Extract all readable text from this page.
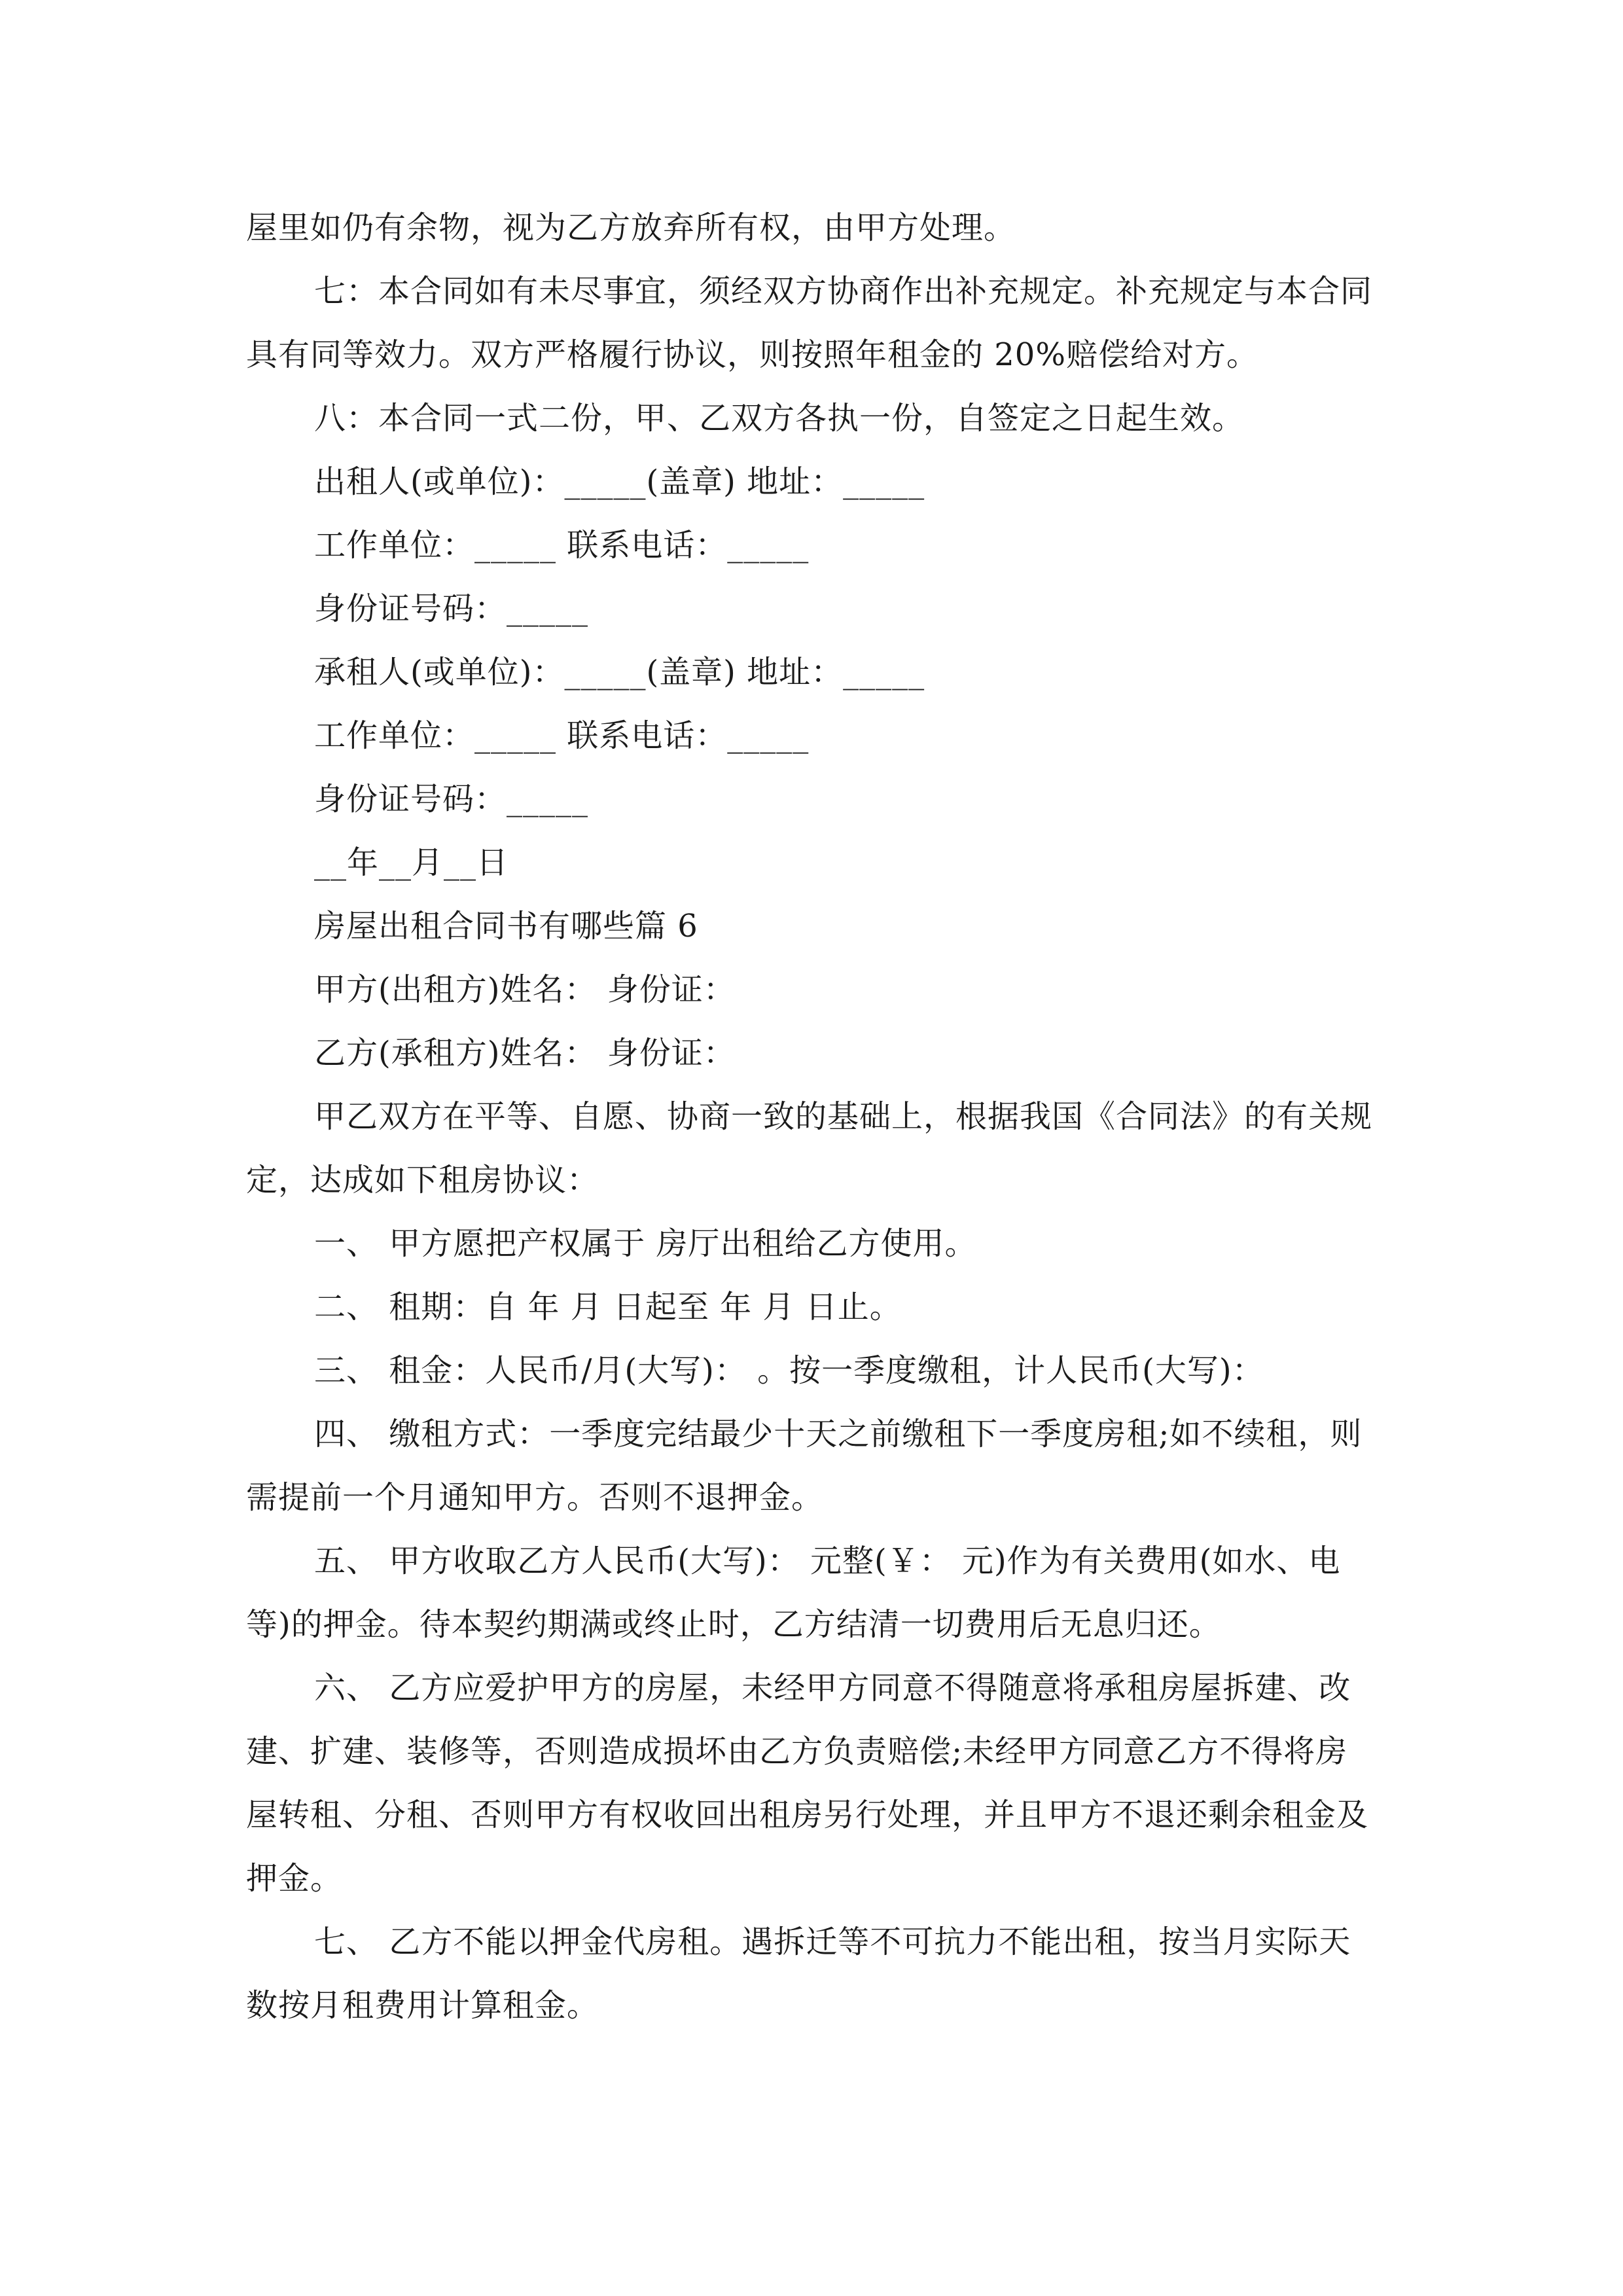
屋里如仍有余物，视为乙方放弃所有权，由甲方处理。
七：本合同如有未尽事宜，须经双方协商作出补充规定。补充规定与本合同
具有同等效力。双方严格履行协议，则按照年租金的 20%赔偿给对方。
八：本合同一式二份，甲、乙双方各执一份，自签定之日起生效。
出租人(或单位)：_____(盖章) 地址：_____
工作单位：_____ 联系电话：_____
身份证号码：_____
承租人(或单位)：_____(盖章) 地址：_____
工作单位：_____ 联系电话：_____
身份证号码：_____
__年__月__日
房屋出租合同书有哪些篇 6
甲方(出租方)姓名： 身份证：
乙方(承租方)姓名： 身份证：
甲乙双方在平等、自愿、协商一致的基础上，根据我国《合同法》的有关规
定，达成如下租房协议：
一、 甲方愿把产权属于 房厅出租给乙方使用。
二、 租期：自 年 月 日起至 年 月 日止。
三、 租金：人民币/月(大写)： 。按一季度缴租，计人民币(大写)：
四、 缴租方式：一季度完结最少十天之前缴租下一季度房租;如不续租，则
需提前一个月通知甲方。否则不退押金。
五、 甲方收取乙方人民币(大写)： 元整(￥： 元)作为有关费用(如水、电
等)的押金。待本契约期满或终止时，乙方结清一切费用后无息归还。
六、 乙方应爱护甲方的房屋，未经甲方同意不得随意将承租房屋拆建、改
建、扩建、装修等，否则造成损坏由乙方负责赔偿;未经甲方同意乙方不得将房
屋转租、分租、否则甲方有权收回出租房另行处理，并且甲方不退还剩余租金及
押金。
七、 乙方不能以押金代房租。遇拆迁等不可抗力不能出租，按当月实际天
数按月租费用计算租金。
